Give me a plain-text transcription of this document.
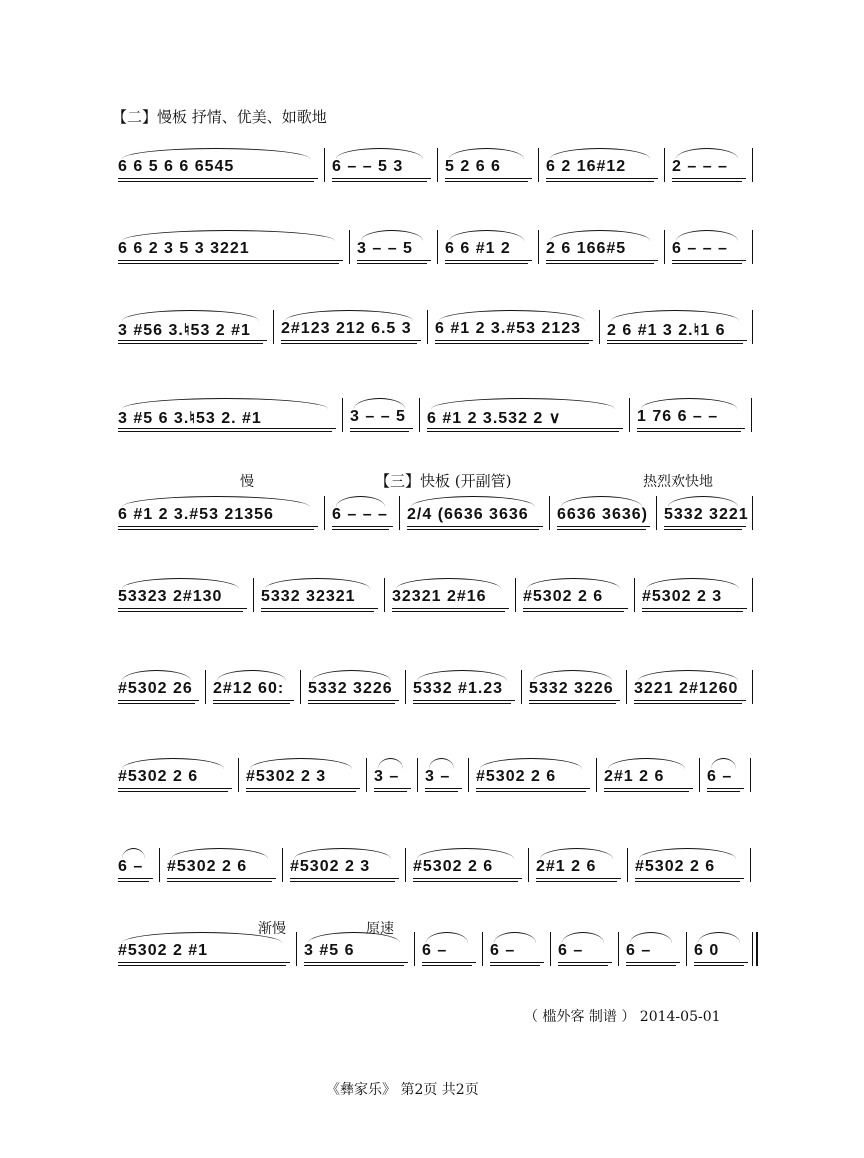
【二】慢板 抒情、优美、如歌地
慢	【三】快板 (开副管)	热烈欢快地
渐慢	原速
6 6 5 6 6 6545	6 – – 5 3	5 2 6 6	6 2 16#12	2 – – –
6 6 2 3 5 3 3221	3 – – 5 6 6 #1 2 2 6 166#5	6 – – –
3 #56 3.♮53 2 #1 2#123 212 6.5 3 6 #1 2 3.#53 2123 2 6 #1 3 2.♮1 6
3 #5 6 3.♮53 2. #1	3 – – 5 6 #1 2 3.532 2 ∨	1 76 6 – –
6 #1 2 3.#53 21356	6 – – – 2/4 (6636 3636 6636 3636) 5332 3221
53323 2#130 5332 32321 32321 2#16 #5302 2 6 #5302 2 3
#5302 26 2#12 60: 5332 3226 5332 #1.23 5332 3226 3221 2#1260
#5302 2 6	#5302 2 3	3 – 3 – #5302 2 6	2#1 2 6	6 –
6 – #5302 2 6	#5302 2 3	#5302 2 6	2#1 2 6 #5302 2 6
#5302 2 #1	3 #5 6	6 –	6 –	6 –	6 –	6 0
（ 槛外客 制谱 ） 2014-05-01
《彝家乐》 第2页 共2页
